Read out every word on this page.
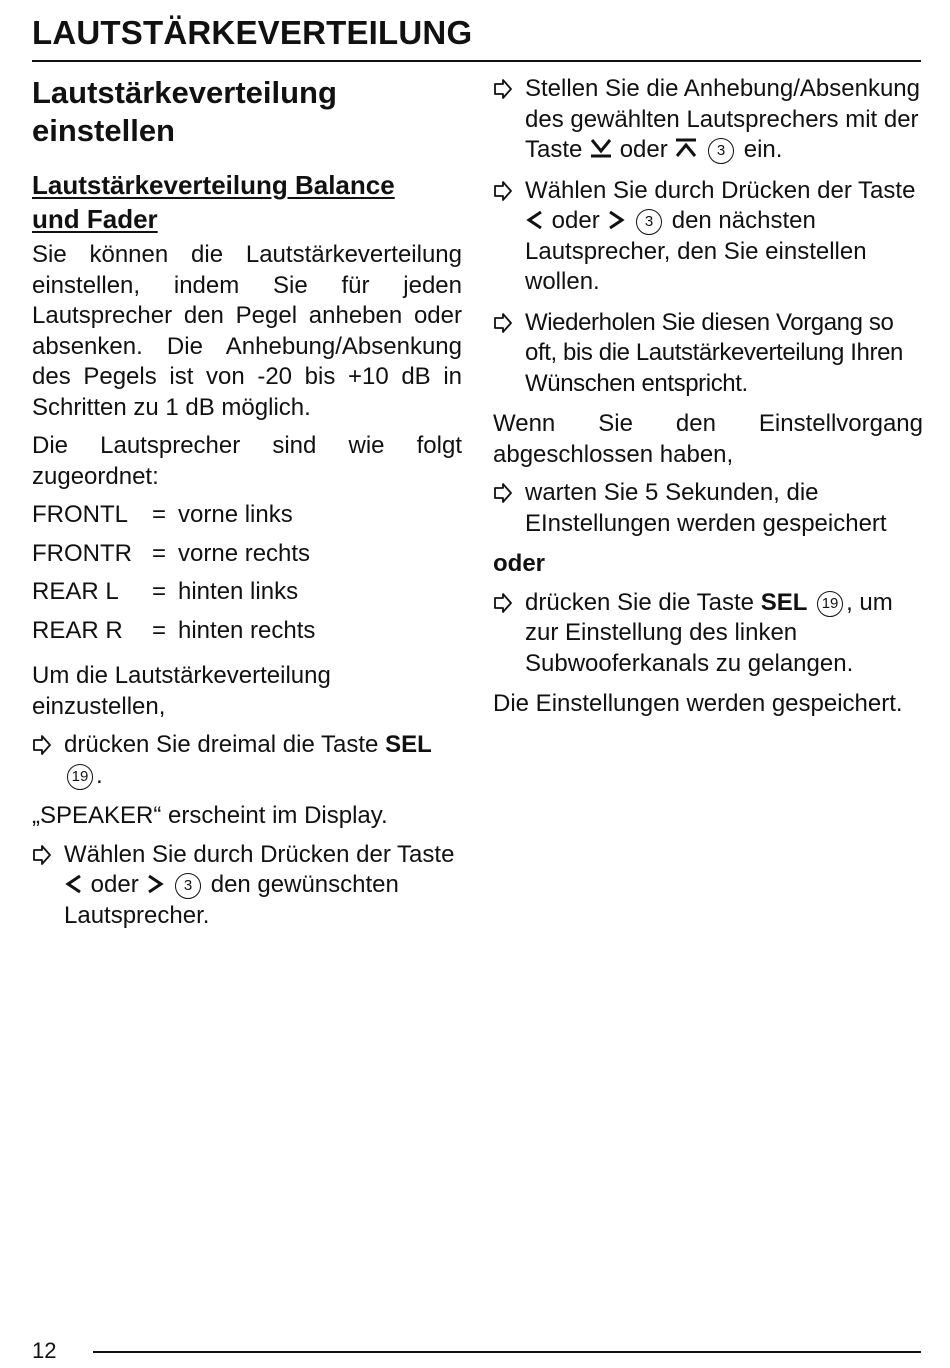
LAUTSTÄRKEVERTEILUNG
Lautstärkeverteilung
einstellen
Lautstärkeverteilung Balance
und Fader

Sie können die Lautstärkeverteilung einstellen, indem Sie für jeden Lautsprecher den Pegel anheben oder absenken. Die Anhebung/Absenkung des Pegels ist von -20 bis +10 dB in Schritten zu 1 dB möglich.

Die Lautsprecher sind wie folgt zugeordnet:

FRONTL	= vorne links
FRONTR = vorne rechts
REAR L	= hinten links
REAR R	= hinten rechts

Um die Lautstärkeverteilung einzustellen,

drücken Sie dreimal die Taste SEL
19 .

„SPEAKER“ erscheint im Display.

Wählen Sie durch Drücken der Taste
oder	3 den gewünschten
Lautsprecher.
Stellen Sie die Anhebung/Absenkung des gewählten Lautsprechers mit der Taste  oder	3 ein.
Wählen Sie durch Drücken der Taste
oder	3 den nächsten Lautsprecher, den Sie einstellen wollen.
Wiederholen Sie diesen Vorgang so oft, bis die Lautstärkeverteilung Ihren Wünschen entspricht.

Wenn Sie den Einstellvorgang abgeschlossen haben,

warten Sie 5 Sekunden, die EInstellungen werden gespeichert

oder

drücken Sie die Taste SEL 19 , um zur Einstellung des linken Subwooferkanals zu gelangen.

Die Einstellungen werden gespeichert.

12
